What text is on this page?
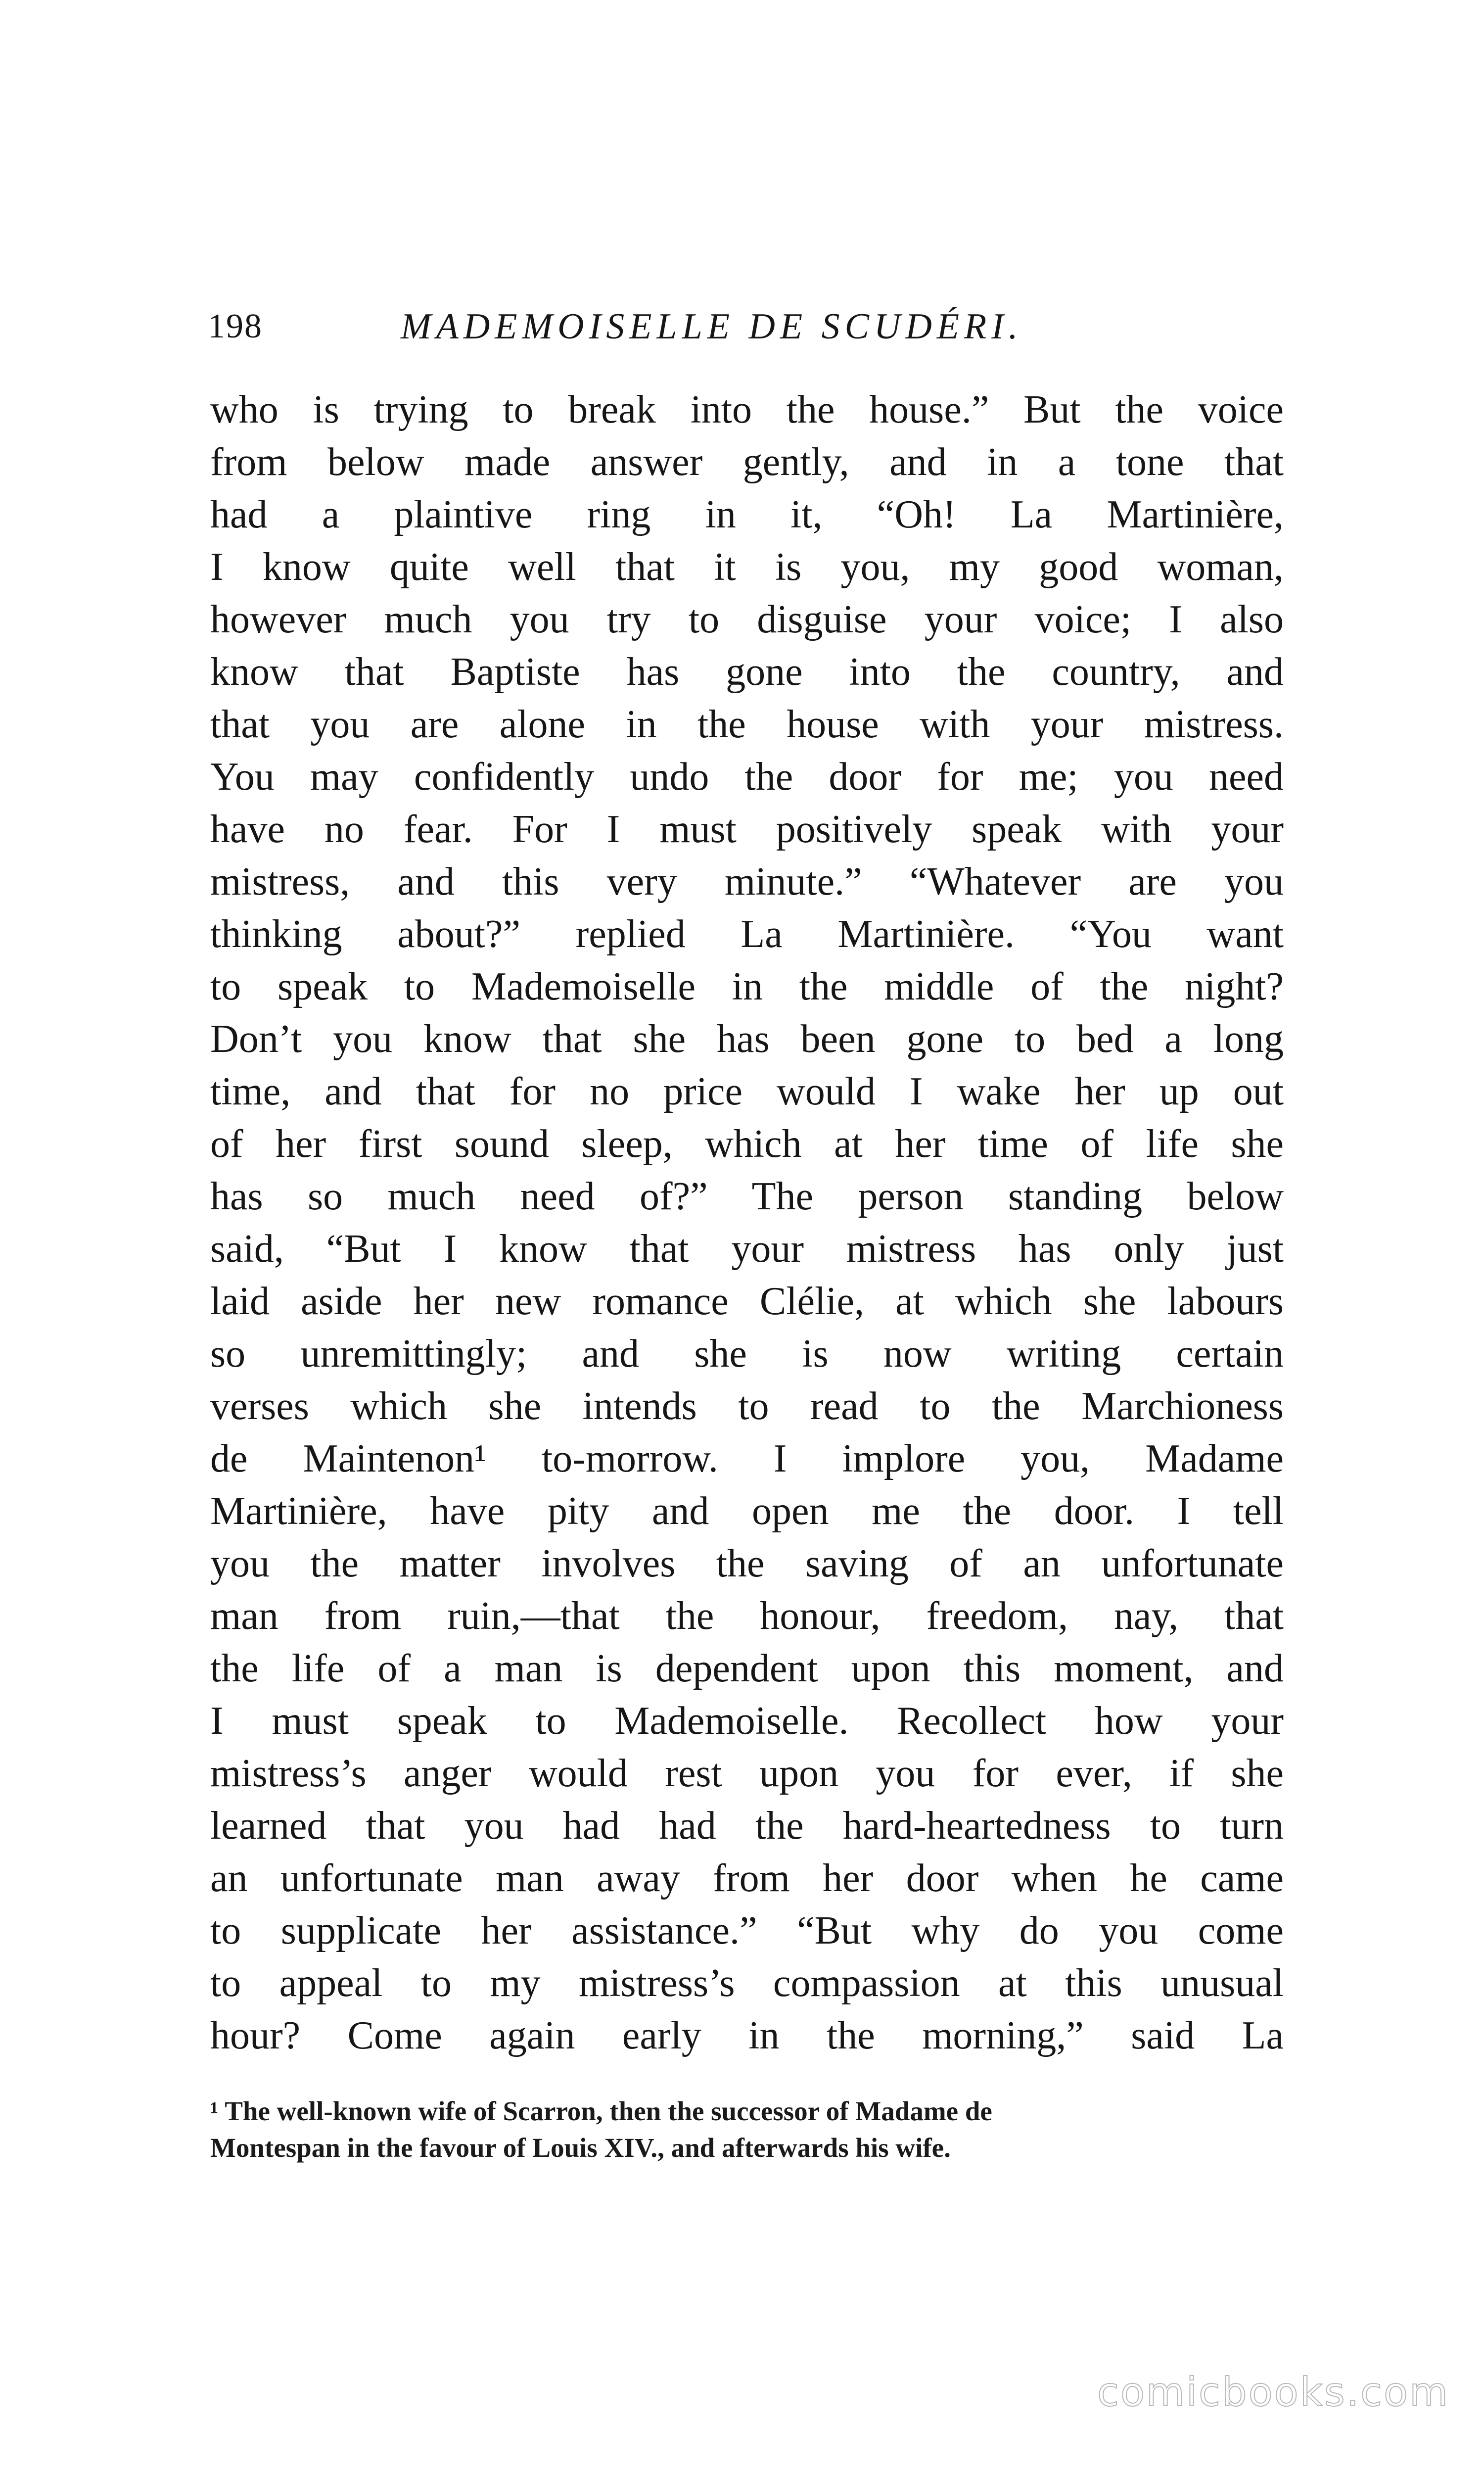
198	MADEMOISELLE DE SCUDÉRI.
who is trying to break into the house.” But the voice
from below made answer gently, and in a tone that
had a plaintive ring in it, “Oh! La Martinière,
I know quite well that it is you, my good woman,
however much you try to disguise your voice; I also
know that Baptiste has gone into the country, and
that you are alone in the house with your mistress.
You may confidently undo the door for me; you need
have no fear. For I must positively speak with your
mistress, and this very minute.” “Whatever are you
thinking about?” replied La Martinière. “You want
to speak to Mademoiselle in the middle of the night?
Don’t you know that she has been gone to bed a long
time, and that for no price would I wake her up out
of her first sound sleep, which at her time of life she
has so much need of?” The person standing below
said, “But I know that your mistress has only just
laid aside her new romance Clélie, at which she labours
so unremittingly; and she is now writing certain
verses which she intends to read to the Marchioness
de Maintenon¹ to-morrow. I implore you, Madame
Martinière, have pity and open me the door. I tell
you the matter involves the saving of an unfortunate
man from ruin,—that the honour, freedom, nay, that
the life of a man is dependent upon this moment, and
I must speak to Mademoiselle. Recollect how your
mistress’s anger would rest upon you for ever, if she
learned that you had had the hard-heartedness to turn
an unfortunate man away from her door when he came
to supplicate her assistance.” “But why do you come
to appeal to my mistress’s compassion at this unusual
hour? Come again early in the morning,” said La
¹ The well-known wife of Scarron, then the successor of Madame de
Montespan in the favour of Louis XIV., and afterwards his wife.
comicbooks.com
